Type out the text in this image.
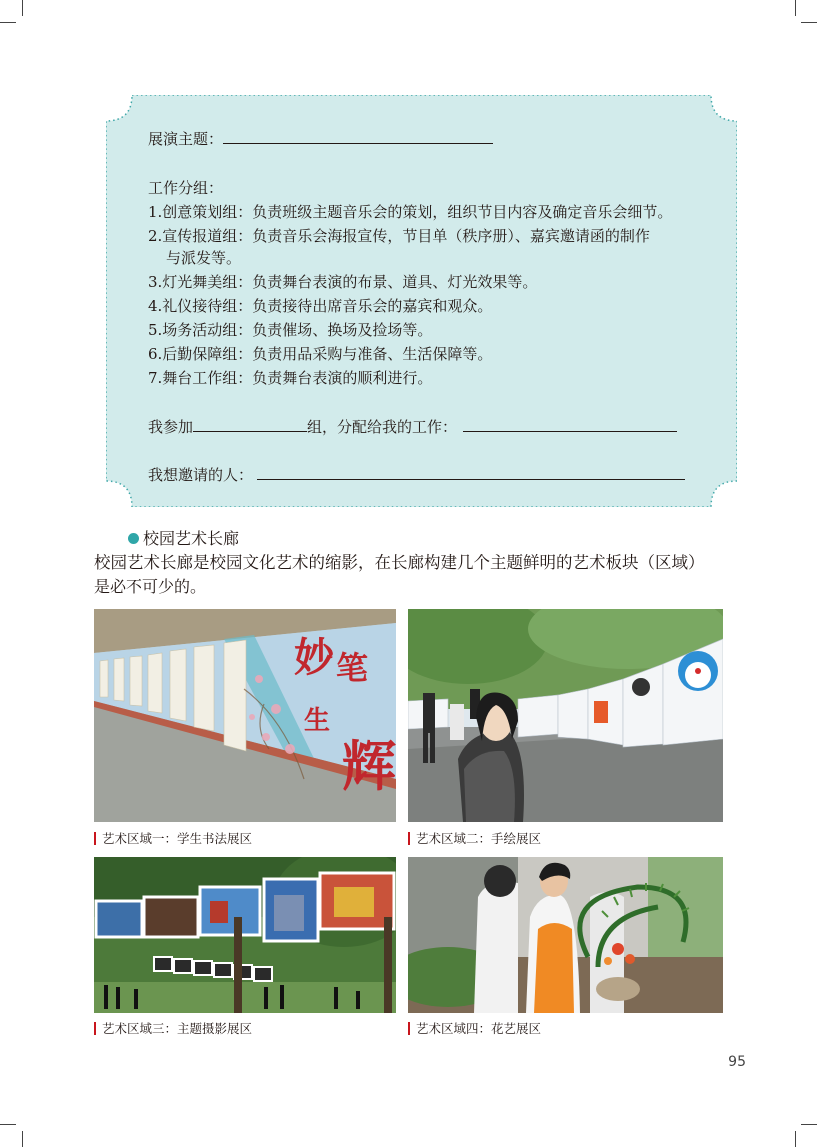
展演主题：
工作分组：
1.创意策划组：负责班级主题音乐会的策划，组织节目内容及确定音乐会细节。
2.宣传报道组：负责音乐会海报宣传，节目单（秩序册）、嘉宾邀请函的制作
与派发等。
3.灯光舞美组：负责舞台表演的布景、道具、灯光效果等。
4.礼仪接待组：负责接待出席音乐会的嘉宾和观众。
5.场务活动组：负责催场、换场及捡场等。
6.后勤保障组：负责用品采购与准备、生活保障等。
7.舞台工作组：负责舞台表演的顺利进行。
我参加	组，分配给我的工作：
我想邀请的人：
校园艺术长廊
校园艺术长廊是校园文化艺术的缩影，在长廊构建几个主题鲜明的艺术板块（区域）
是必不可少的。
妙 笔
生
辉
艺术区域一：学生书法展区	艺术区域二：手绘展区
艺术区域三：主题摄影展区	艺术区域四：花艺展区
95
